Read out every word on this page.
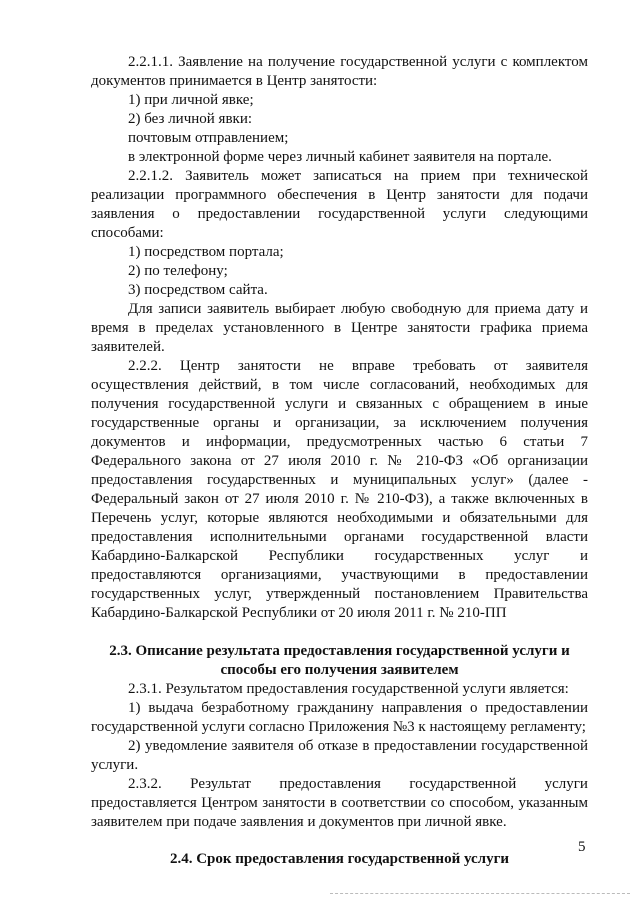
2.2.1.1. Заявление на получение государственной услуги с комплектом документов принимается в Центр занятости:

1) при личной явке;

2) без личной явки:

почтовым отправлением;

в электронной форме через личный кабинет заявителя на портале.

2.2.1.2. Заявитель может записаться на прием при технической реализации программного обеспечения в Центр занятости для подачи заявления о предоставлении государственной услуги следующими способами:

1) посредством портала;

2) по телефону;

3) посредством сайта.

Для записи заявитель выбирает любую свободную для приема дату и время в пределах установленного в Центре занятости графика приема заявителей.

2.2.2. Центр занятости не вправе требовать от заявителя осуществления действий, в том числе согласований, необходимых для получения государственной услуги и связанных с обращением в иные государственные органы и организации, за исключением получения документов и информации, предусмотренных частью 6 статьи 7 Федерального закона от 27 июля 2010 г. № 210-ФЗ «Об организации предоставления государственных и муниципальных услуг» (далее - Федеральный закон от 27 июля 2010 г. № 210-ФЗ), а также включенных в Перечень услуг, которые являются необходимыми и обязательными для предоставления исполнительными органами государственной власти Кабардино-Балкарской Республики государственных услуг и предоставляются организациями, участвующими в предоставлении государственных услуг, утвержденный постановлением Правительства Кабардино-Балкарской Республики от 20 июля 2011 г. № 210-ПП

2.3. Описание результата предоставления государственной услуги и
способы его получения заявителем

2.3.1. Результатом предоставления государственной услуги является:

1) выдача безработному гражданину направления о предоставлении государственной услуги согласно Приложения №3 к настоящему регламенту;

2) уведомление заявителя об отказе в предоставлении государственной услуги.

2.3.2. Результат предоставления государственной услуги

предоставляется Центром занятости в соответствии со способом, указанным заявителем при подаче заявления и документов при личной явке.

2.4. Срок предоставления государственной услуги

5
